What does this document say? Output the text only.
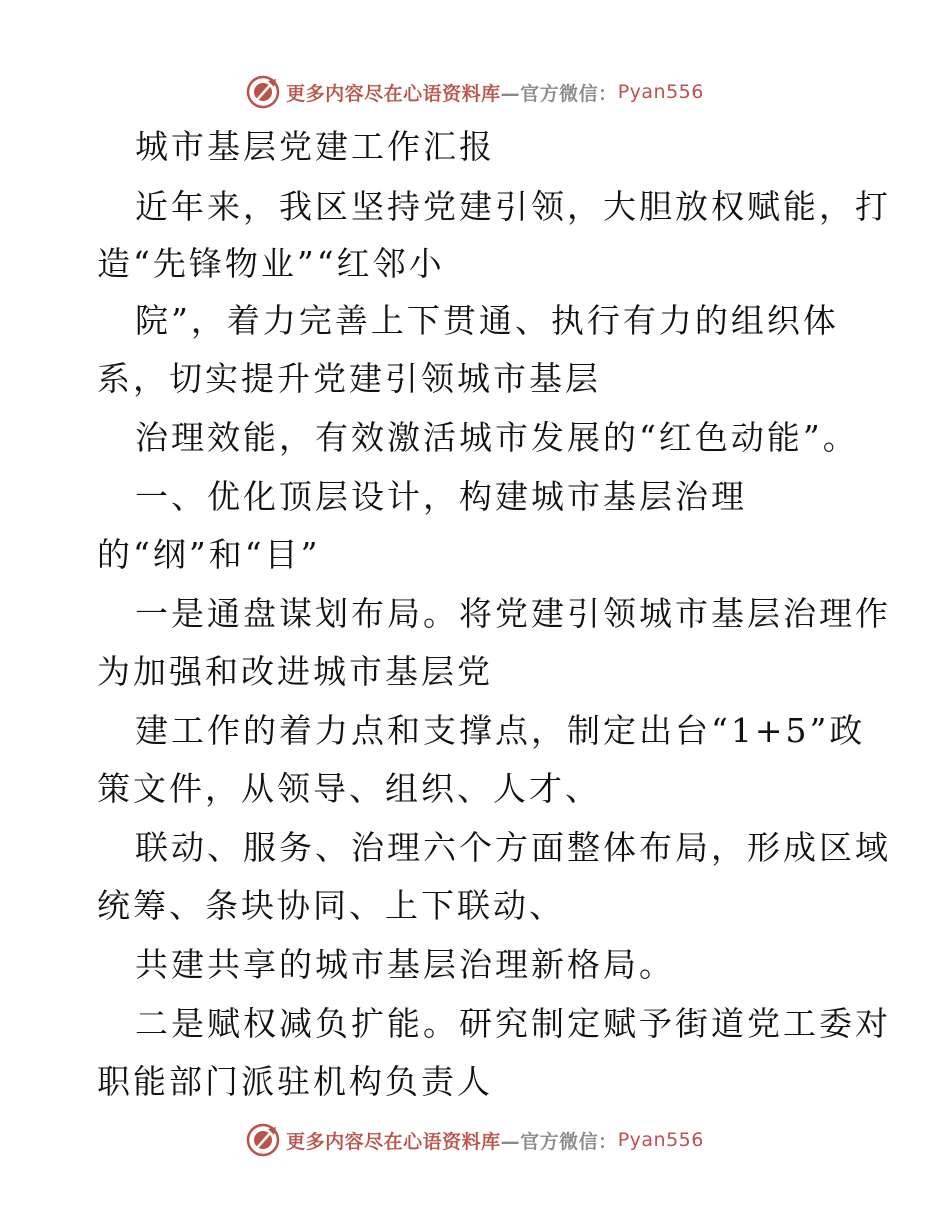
更多内容尽在心语资料库 —官方微信： Pyan556
城市基层党建工作汇报
近年来，我区坚持党建引领，大胆放权赋能，打
造“先锋物业”“红邻小
院”，着力完善上下贯通、执行有力的组织体
系，切实提升党建引领城市基层
治理效能，有效激活城市发展的“红色动能”。
一、优化顶层设计，构建城市基层治理
的“纲”和“目”
一是通盘谋划布局。将党建引领城市基层治理作
为加强和改进城市基层党
建工作的着力点和支撑点，制定出台“1+5”政
策文件，从领导、组织、人才、
联动、服务、治理六个方面整体布局，形成区域
统筹、条块协同、上下联动、
共建共享的城市基层治理新格局。
二是赋权减负扩能。研究制定赋予街道党工委对
职能部门派驻机构负责人
更多内容尽在心语资料库 —官方微信： Pyan556
